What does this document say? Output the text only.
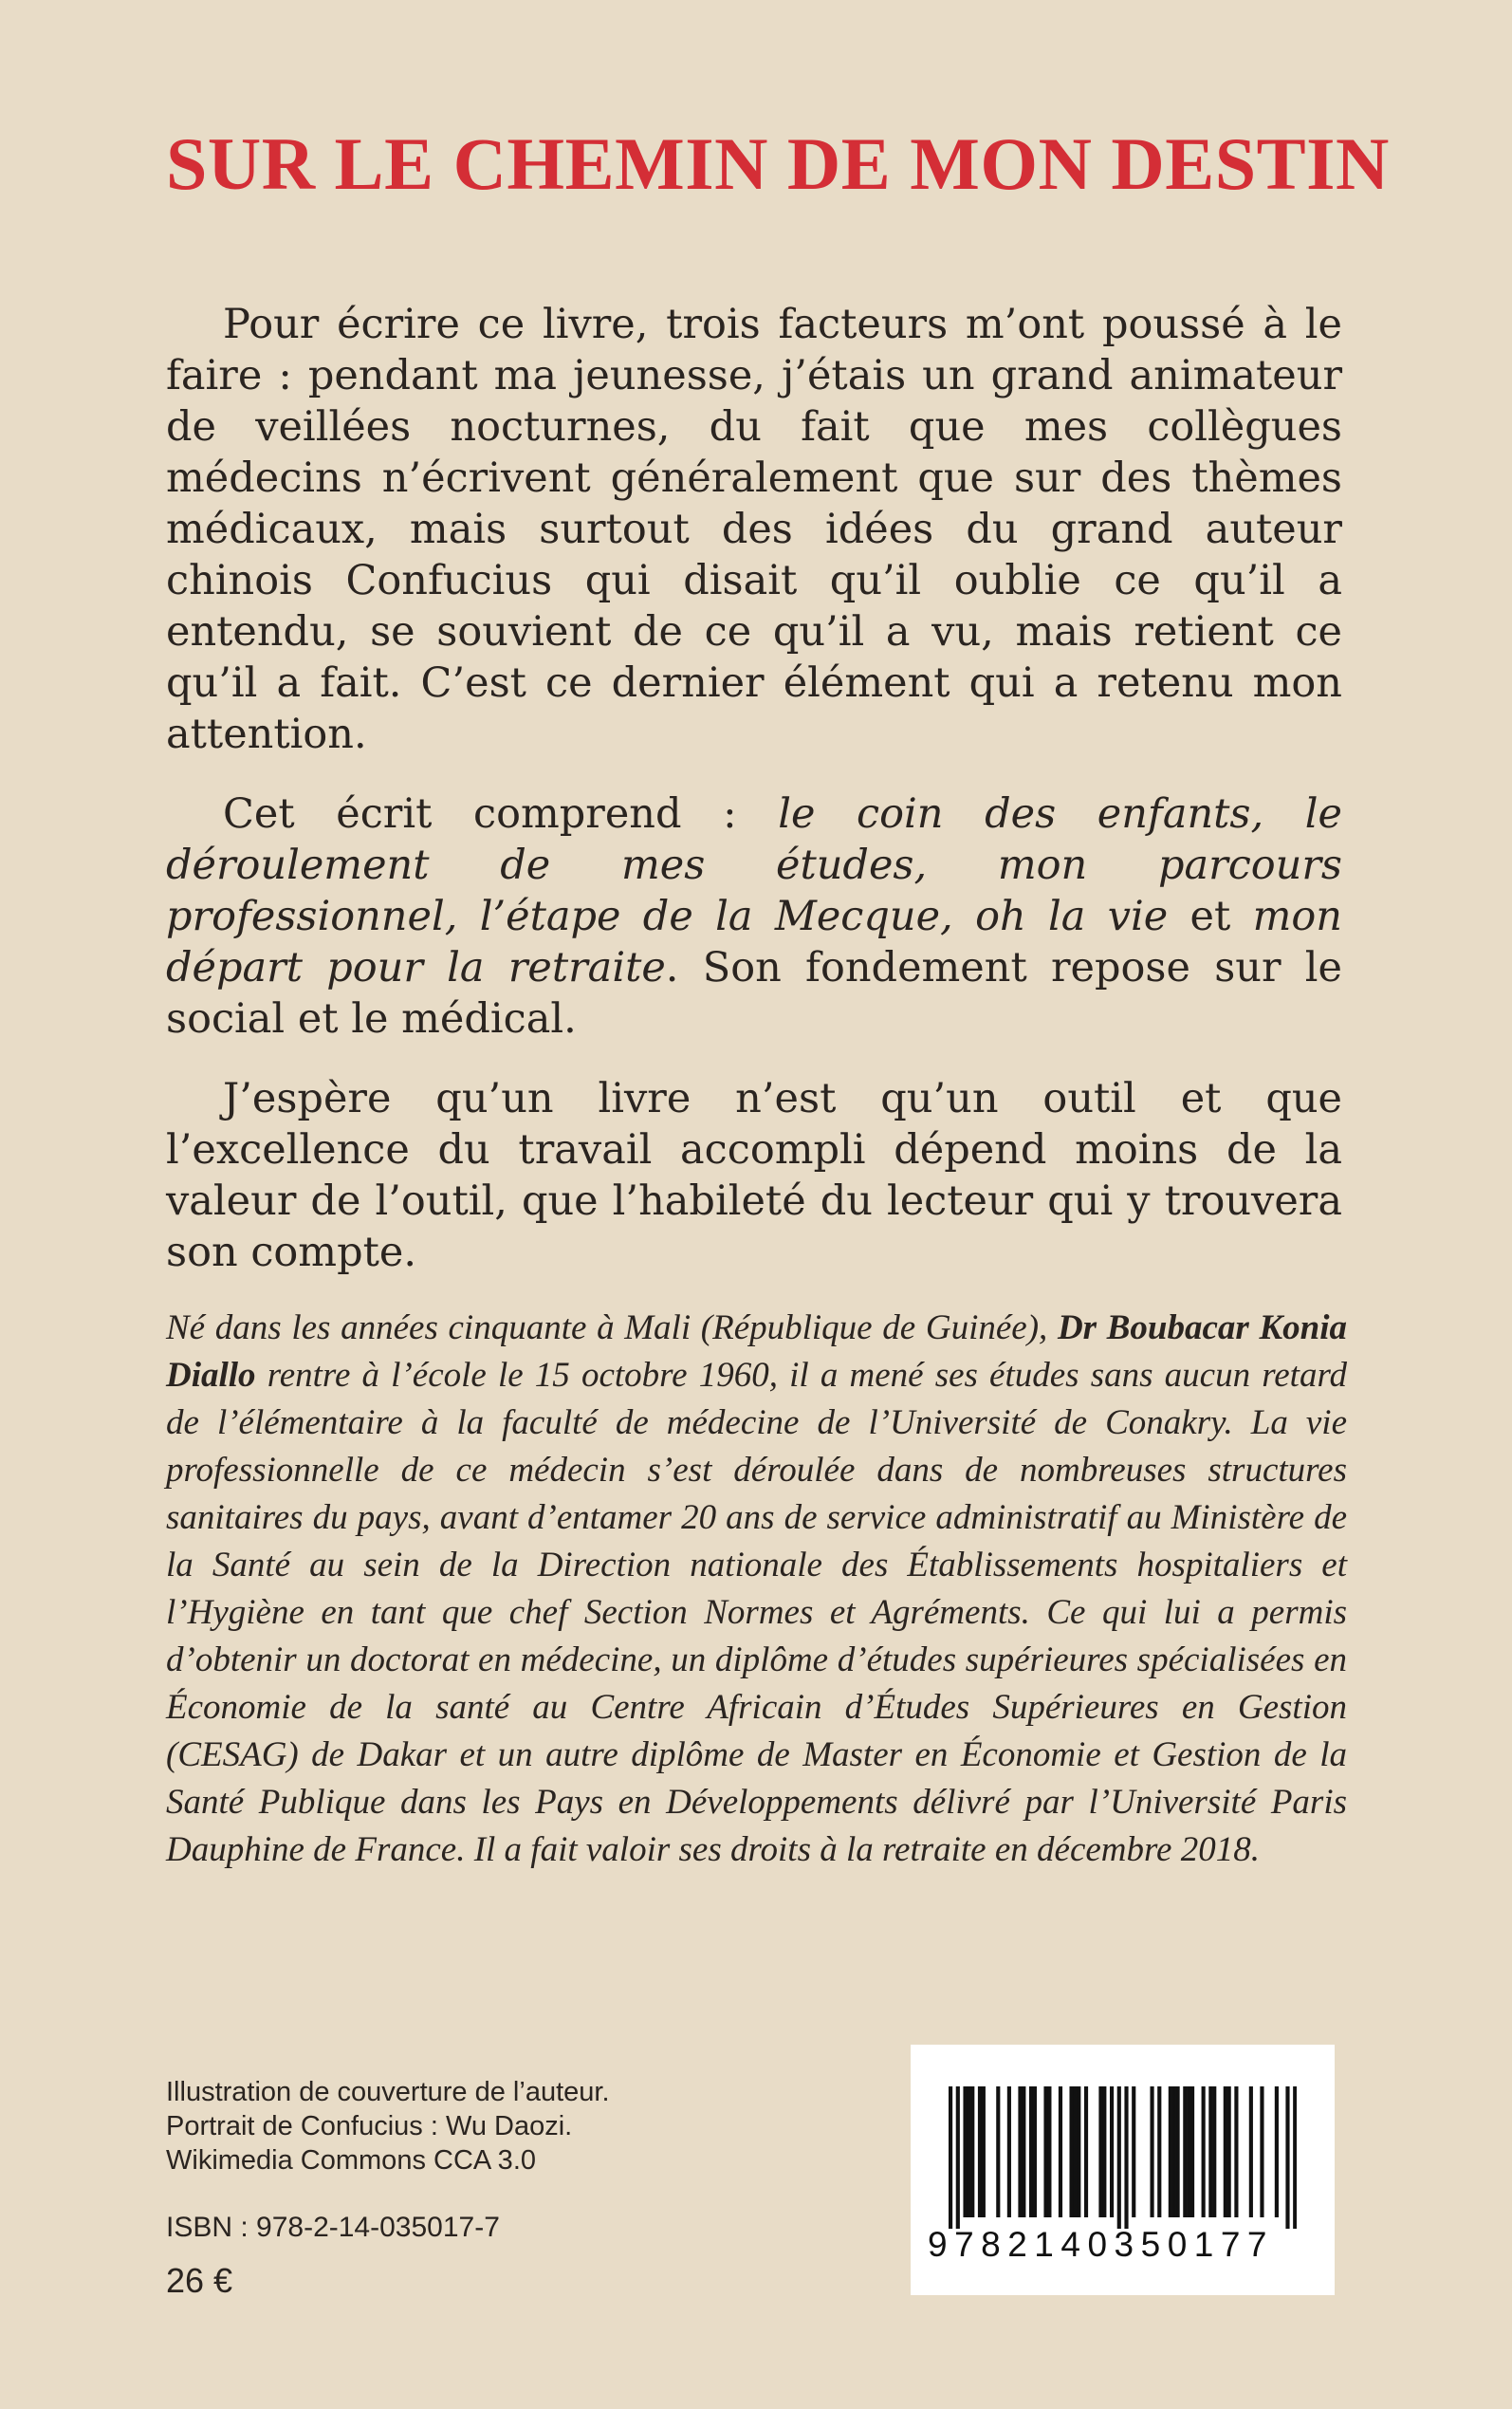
SUR LE CHEMIN DE MON DESTIN

Pour écrire ce livre, trois facteurs m’ont poussé à le faire : pendant ma jeunesse, j’étais un grand animateur de veillées nocturnes, du fait que mes collègues médecins n’écrivent généralement que sur des thèmes médicaux, mais surtout des idées du grand auteur chinois Confucius qui disait qu’il oublie ce qu’il a entendu, se souvient de ce qu’il a vu, mais retient ce qu’il a fait. C’est ce dernier élément qui a retenu mon attention.

Cet écrit comprend : le coin des enfants, le déroulement de mes études, mon parcours professionnel, l’étape de la Mecque, oh la vie et mon départ pour la retraite. Son fondement repose sur le social et le médical.

J’espère qu’un livre n’est qu’un outil et que l’excellence du travail accompli dépend moins de la valeur de l’outil, que l’habileté du lecteur qui y trouvera son compte.

Né dans les années cinquante à Mali (République de Guinée), Dr Boubacar Konia Diallo rentre à l’école le 15 octobre 1960, il a mené ses études sans aucun retard de l’élémentaire à la faculté de médecine de l’Université de Conakry. La vie professionnelle de ce médecin s’est déroulée dans de nombreuses structures sanitaires du pays, avant d’entamer 20 ans de service administratif au Ministère de la Santé au sein de la Direction nationale des Établissements hospitaliers et l’Hygiène en tant que chef Section Normes et Agréments. Ce qui lui a permis d’obtenir un doctorat en médecine, un diplôme d’études supérieures spécialisées en Économie de la santé au Centre Africain d’Études Supérieures en Gestion (CESAG) de Dakar et un autre diplôme de Master en Économie et Gestion de la Santé Publique dans les Pays en Développements délivré par l’Université Paris Dauphine de France. Il a fait valoir ses droits à la retraite en décembre 2018.

Illustration de couverture de l’auteur.
Portrait de Confucius : Wu Daozi.
Wikimedia Commons CCA 3.0
ISBN : 978-2-14-035017-7
26 €
9782140350177
